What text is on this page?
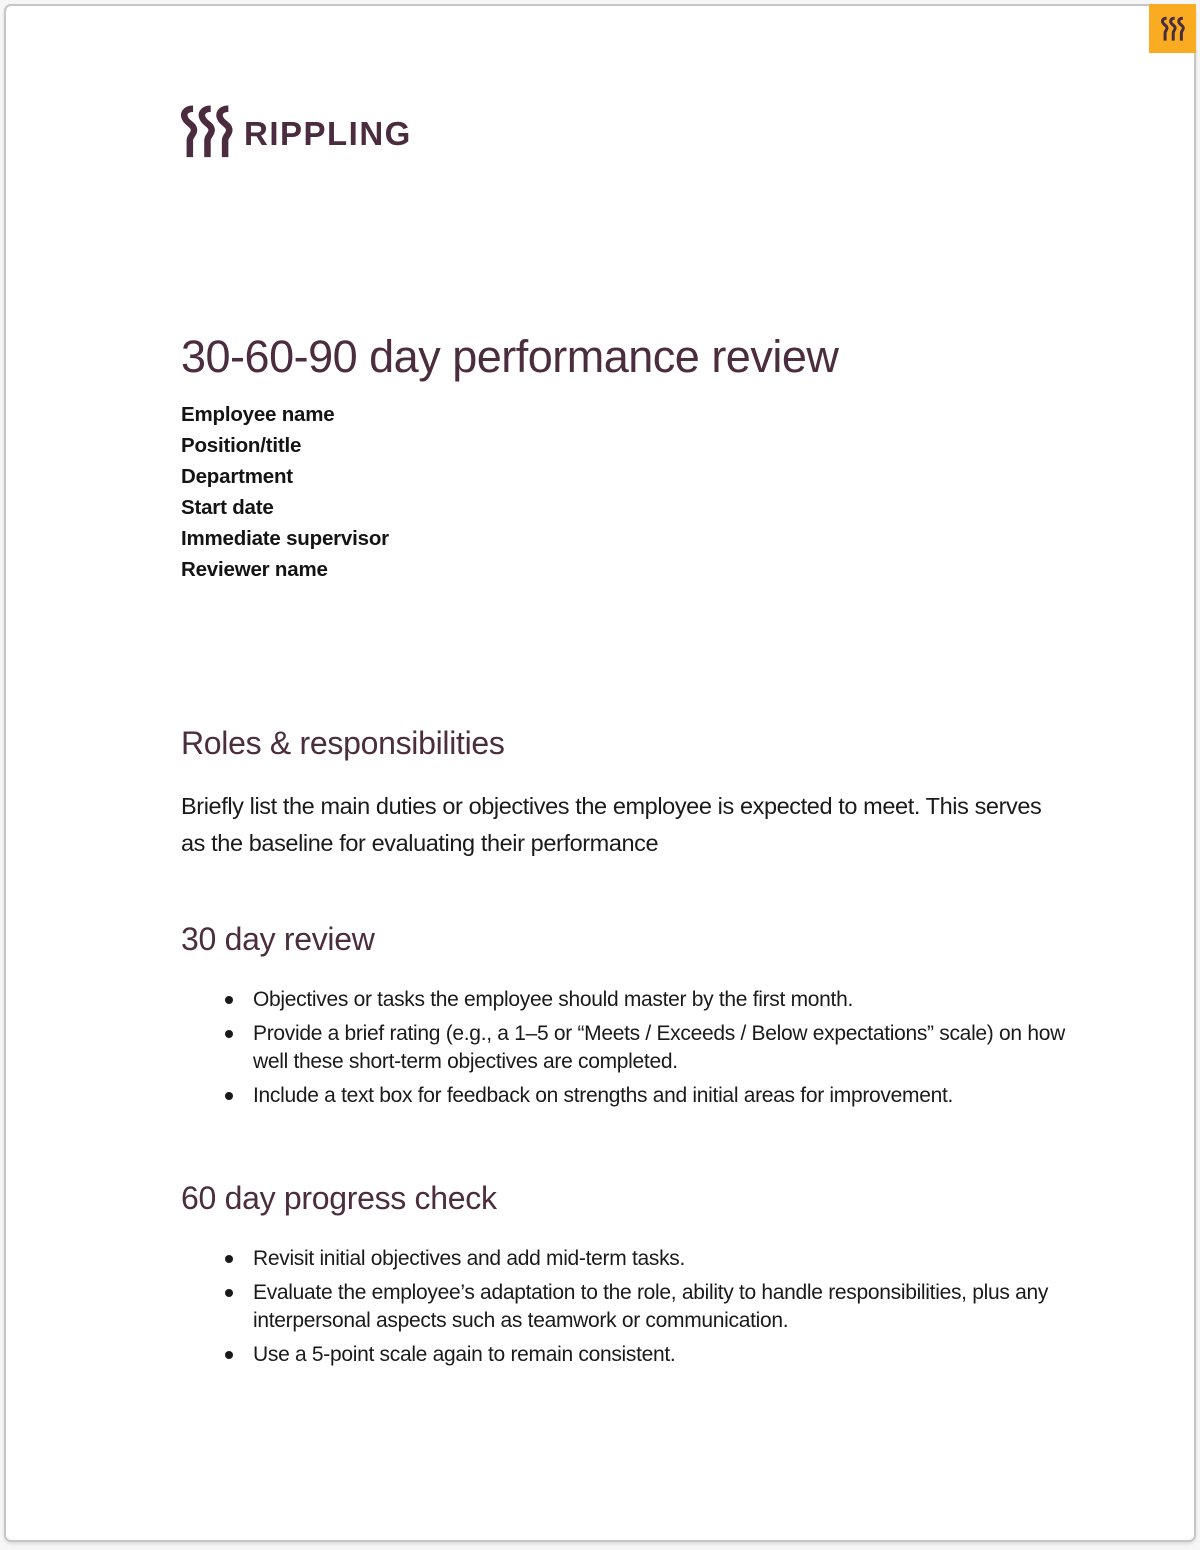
RIPPLING
30-60-90 day performance review
Employee name
Position/title
Department
Start date
Immediate supervisor
Reviewer name
Roles & responsibilities

Briefly list the main duties or objectives the employee is expected to meet. This serves as the baseline for evaluating their performance

30 day review
Objectives or tasks the employee should master by the first month.
Provide a brief rating (e.g., a 1–5 or “Meets / Exceeds / Below expectations” scale) on how well these short-term objectives are completed.
Include a text box for feedback on strengths and initial areas for improvement.
60 day progress check
Revisit initial objectives and add mid-term tasks.
Evaluate the employee’s adaptation to the role, ability to handle responsibilities, plus any interpersonal aspects such as teamwork or communication.
Use a 5-point scale again to remain consistent.
